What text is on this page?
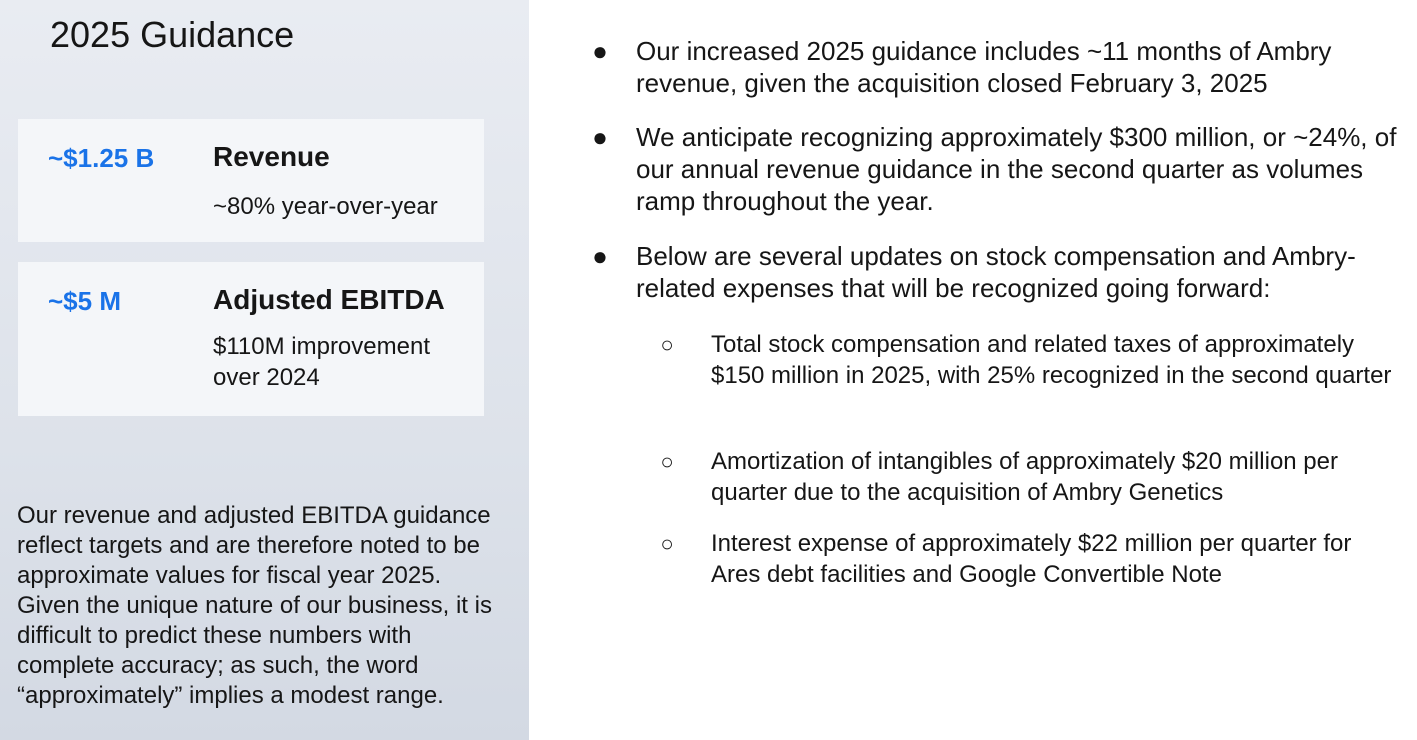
2025 Guidance
~$1.25 B Revenue
~80% year-over-year
~$5 M	Adjusted EBITDA
$110M improvement over 2024
Our revenue and adjusted EBITDA guidance reflect targets and are therefore noted to be approximate values for fiscal year 2025. Given the unique nature of our business, it is difficult to predict these numbers with complete accuracy; as such, the word “approximately” implies a modest range.
● Our increased 2025 guidance includes ~11 months of Ambry revenue, given the acquisition closed February 3, 2025
● We anticipate recognizing approximately $300 million, or ~24%, of our annual revenue guidance in the second quarter as volumes ramp throughout the year.
● Below are several updates on stock compensation and Ambry-related expenses that will be recognized going forward:
○ Total stock compensation and related taxes of approximately $150 million in 2025, with 25% recognized in the second quarter
○ Amortization of intangibles of approximately $20 million per quarter due to the acquisition of Ambry Genetics
○ Interest expense of approximately $22 million per quarter for Ares debt facilities and Google Convertible Note
